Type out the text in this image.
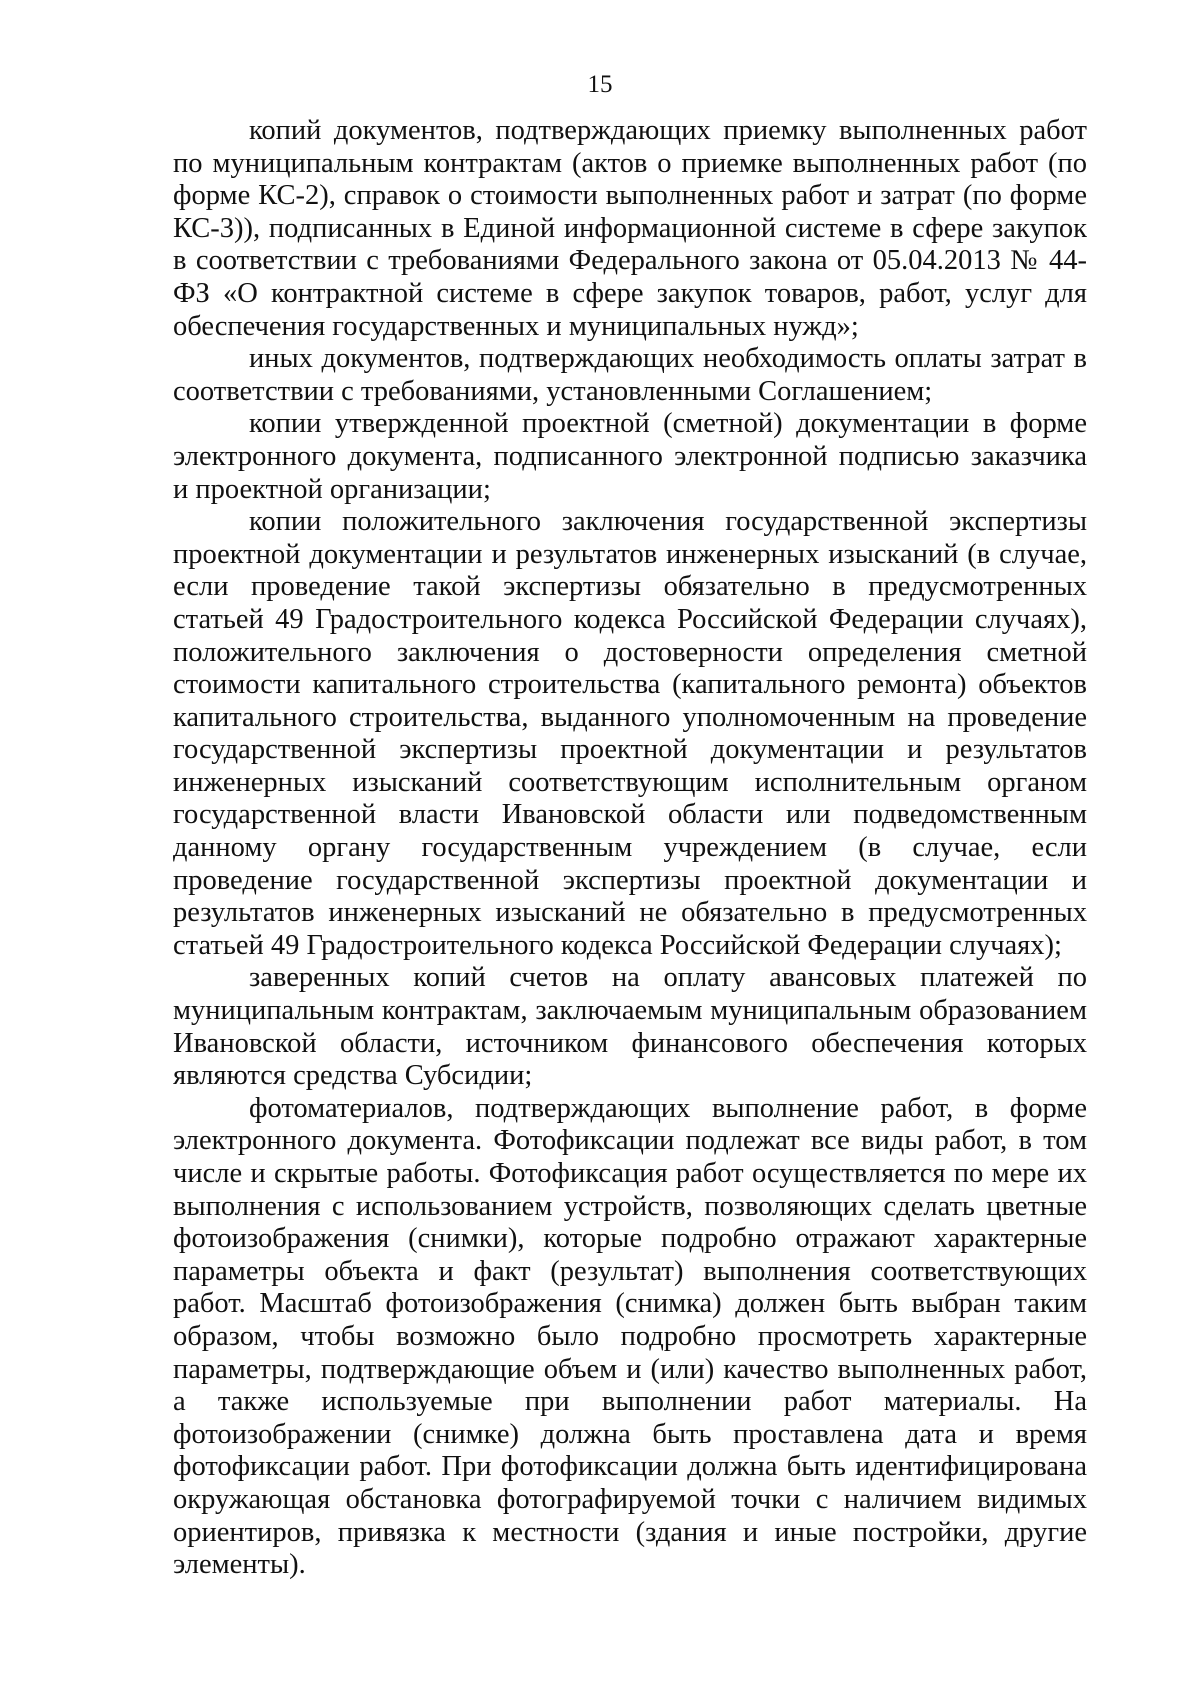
15

копий документов, подтверждающих приемку выполненных работ по муниципальным контрактам (актов о приемке выполненных работ (по форме КС-2), справок о стоимости выполненных работ и затрат (по форме КС-3)), подписанных в Единой информационной системе в сфере закупок в соответствии с требованиями Федерального закона от 05.04.2013 № 44-ФЗ «О контрактной системе в сфере закупок товаров, работ, услуг для обеспечения государственных и муниципальных нужд»;

иных документов, подтверждающих необходимость оплаты затрат в соответствии с требованиями, установленными Соглашением;

копии утвержденной проектной (сметной) документации в форме электронного документа, подписанного электронной подписью заказчика и проектной организации;

копии положительного заключения государственной экспертизы проектной документации и результатов инженерных изысканий (в случае, если проведение такой экспертизы обязательно в предусмотренных статьей 49 Градостроительного кодекса Российской Федерации случаях), положительного заключения о достоверности определения сметной стоимости капитального строительства (капитального ремонта) объектов капитального строительства, выданного уполномоченным на проведение государственной экспертизы проектной документации и результатов инженерных изысканий соответствующим исполнительным органом государственной власти Ивановской области или подведомственным данному органу государственным учреждением (в случае, если проведение государственной экспертизы проектной документации и результатов инженерных изысканий не обязательно в предусмотренных статьей 49 Градостроительного кодекса Российской Федерации случаях);

заверенных копий счетов на оплату авансовых платежей по муниципальным контрактам, заключаемым муниципальным образованием Ивановской области, источником финансового обеспечения которых являются средства Субсидии;

фотоматериалов, подтверждающих выполнение работ, в форме электронного документа. Фотофиксации подлежат все виды работ, в том числе и скрытые работы. Фотофиксация работ осуществляется по мере их выполнения с использованием устройств, позволяющих сделать цветные фотоизображения (снимки), которые подробно отражают характерные параметры объекта и факт (результат) выполнения соответствующих работ. Масштаб фотоизображения (снимка) должен быть выбран таким образом, чтобы возможно было подробно просмотреть характерные параметры, подтверждающие объем и (или) качество выполненных работ, а также используемые при выполнении работ материалы. На фотоизображении (снимке) должна быть проставлена дата и время фотофиксации работ. При фотофиксации должна быть идентифицирована окружающая обстановка фотографируемой точки с наличием видимых ориентиров, привязка к местности (здания и иные постройки, другие элементы).
